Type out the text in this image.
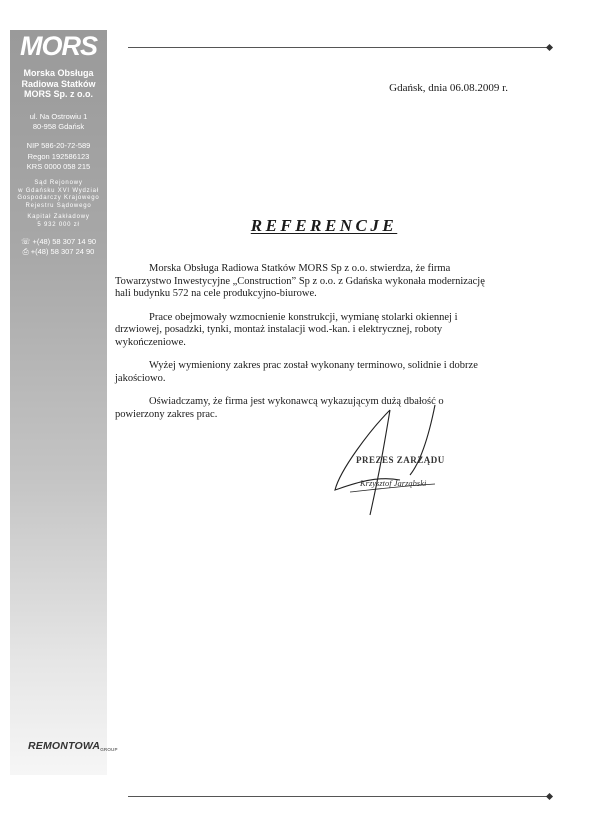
MORS
Morska Obsługa
Radiowa Statków
MORS Sp. z o.o.
ul. Na Ostrowiu 1
80-958 Gdańsk
NIP 586-20-72-589
Regon 192586123
KRS 0000 058 215
Sąd Rejonowy
w Gdańsku XVI Wydział
Gospodarczy Krajowego
Rejestru Sądowego
Kapitał Zakładowy
5 932 000 zł
☏ +(48) 58 307 14 90
⎙ +(48) 58 307 24 90
REMONTOWAGROUP
Gdańsk, dnia 06.08.2009 r.
REFERENCJE

Morska Obsługa Radiowa Statków MORS Sp z o.o. stwierdza, że firma Towarzystwo Inwestycyjne „Construction” Sp z o.o. z Gdańska wykonała modernizację hali budynku 572 na cele produkcyjno-biurowe.

Prace obejmowały wzmocnienie konstrukcji, wymianę stolarki okiennej i drzwiowej, posadzki, tynki, montaż instalacji wod.-kan. i elektrycznej, roboty wykończeniowe.

Wyżej wymieniony zakres prac został wykonany terminowo, solidnie i dobrze jakościowo.

Oświadczamy, że firma jest wykonawcą wykazującym dużą dbałość o powierzony zakres prac.

PREZES ZARZĄDU
Krzysztof Jarząbski
